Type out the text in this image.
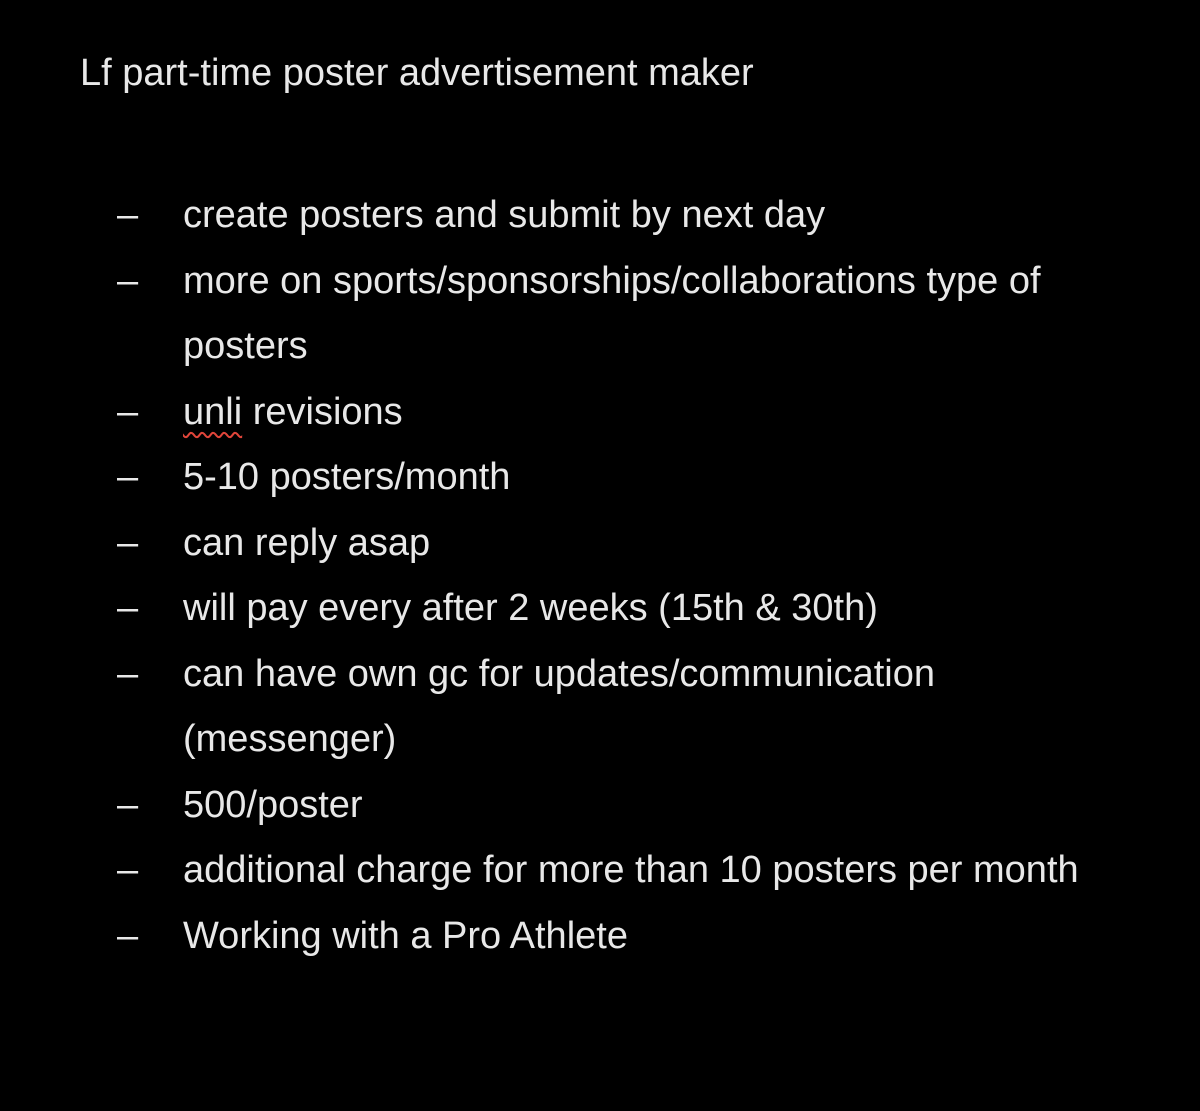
Lf part-time poster advertisement maker
– create posters and submit by next day
– more on sports/sponsorships/collaborations type of posters
– unli revisions
– 5-10 posters/month
– can reply asap
– will pay every after 2 weeks (15th & 30th)
– can have own gc for updates/communication (messenger)
– 500/poster
– additional charge for more than 10 posters per month
– Working with a Pro Athlete
